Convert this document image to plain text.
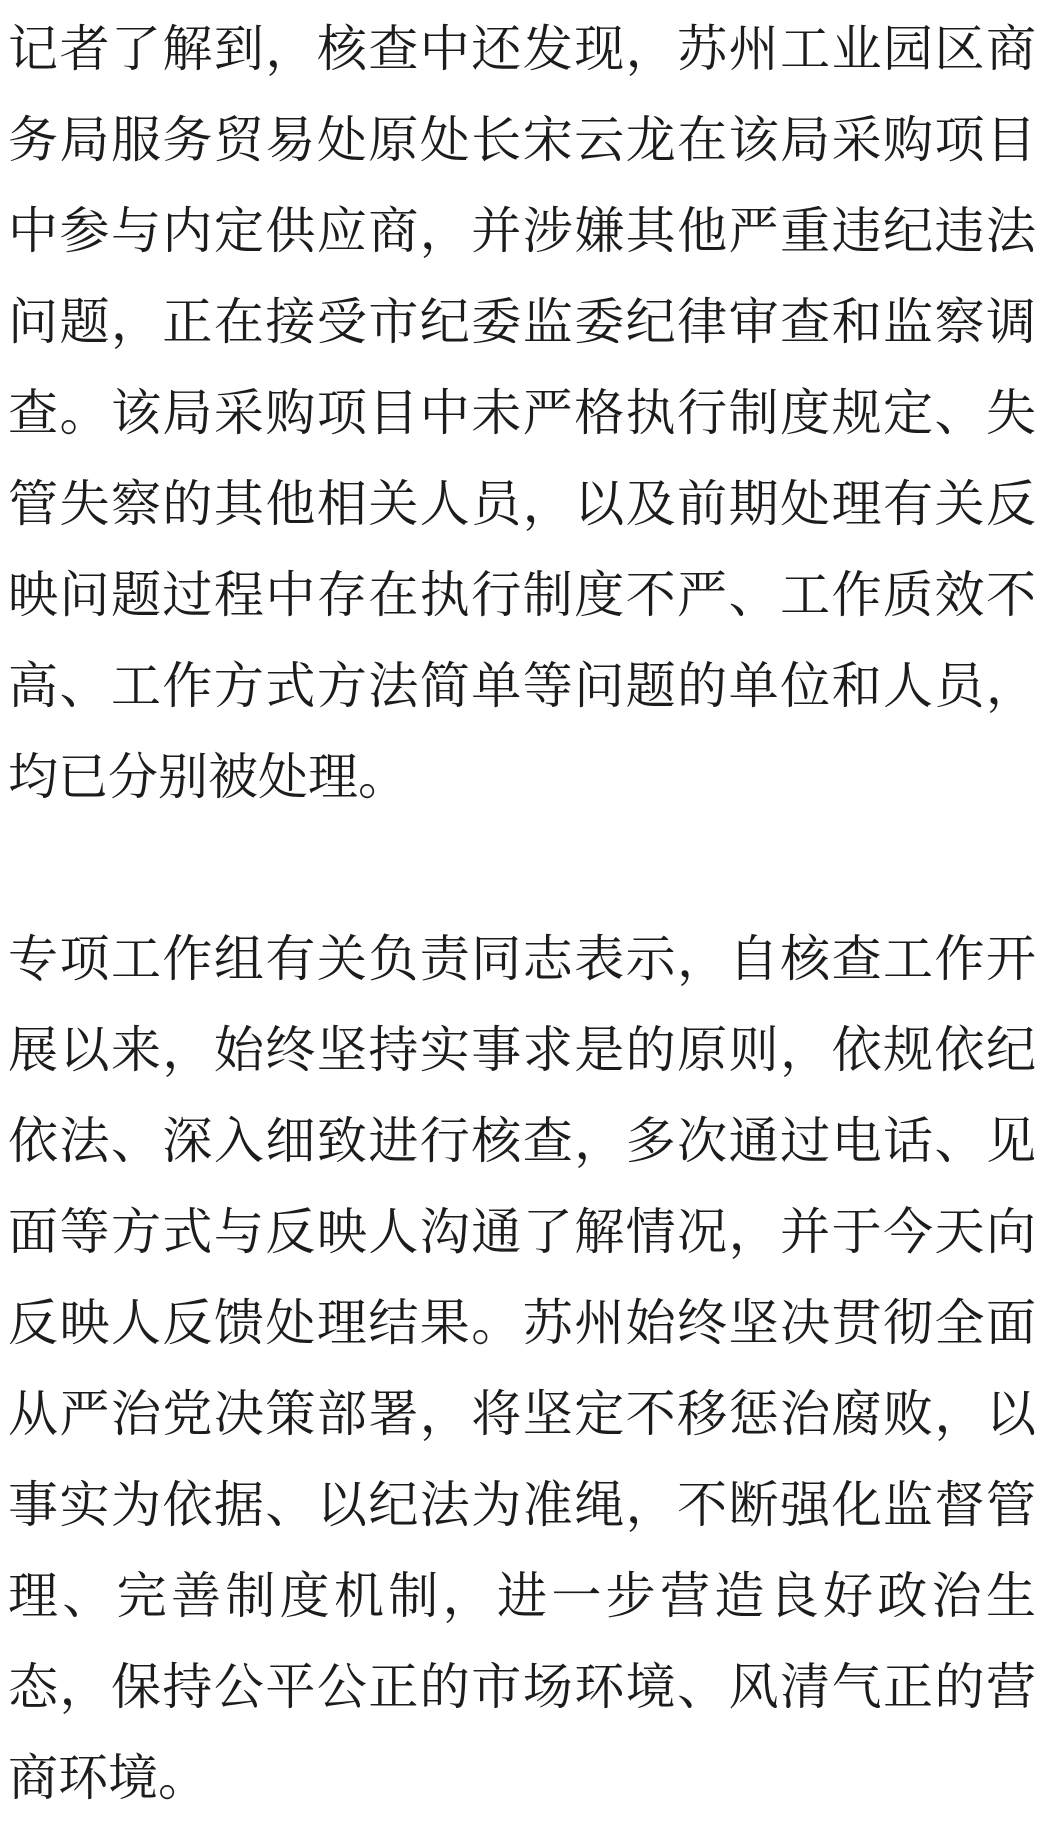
记者了解到，核查中还发现，苏州工业园区商务局服务贸易处原处长宋云龙在该局采购项目中参与内定供应商，并涉嫌其他严重违纪违法问题，正在接受市纪委监委纪律审查和监察调查。该局采购项目中未严格执行制度规定、失管失察的其他相关人员，以及前期处理有关反映问题过程中存在执行制度不严、工作质效不高、工作方式方法简单等问题的单位和人员，均已分别被处理。

专项工作组有关负责同志表示，自核查工作开展以来，始终坚持实事求是的原则，依规依纪依法、深入细致进行核查，多次通过电话、见面等方式与反映人沟通了解情况，并于今天向反映人反馈处理结果。苏州始终坚决贯彻全面从严治党决策部署，将坚定不移惩治腐败，以事实为依据、以纪法为准绳，不断强化监督管理、完善制度机制，进一步营造良好政治生态，保持公平公正的市场环境、风清气正的营商环境。
